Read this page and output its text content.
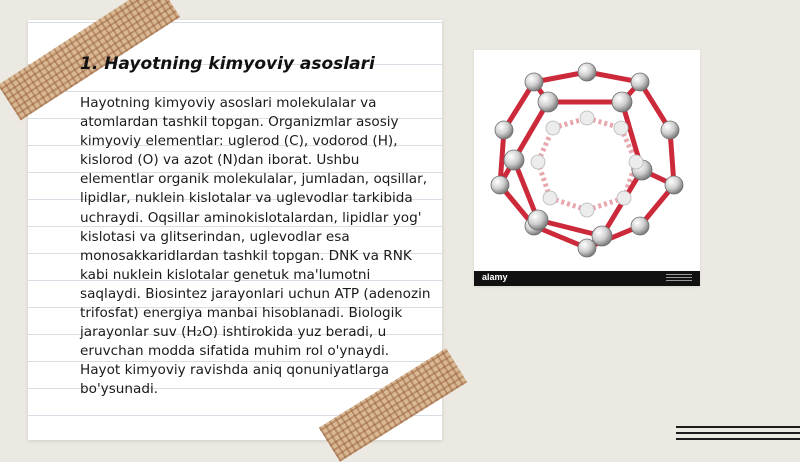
1. Hayotning kimyoviy asoslari

Hayotning kimyoviy asoslari molekulalar va atomlardan tashkil topgan. Organizmlar asosiy kimyoviy elementlar: uglerod (C), vodorod (H), kislorod (O) va azot (N)dan iborat. Ushbu elementlar organik molekulalar, jumladan, oqsillar, lipidlar, nuklein kislotalar va uglevodlar tarkibida uchraydi. Oqsillar aminokislotalardan, lipidlar yog' kislotasi va glitserindan, uglevodlar esa monosakkaridlardan tashkil topgan. DNK va RNK kabi nuklein kislotalar genetuk ma'lumotni saqlaydi. Biosintez jarayonlari uchun ATP (adenozin trifosfat) energiya manbai hisoblanadi. Biologik jarayonlar suv (H₂O) ishtirokida yuz beradi, u eruvchan modda sifatida muhim rol o'ynaydi. Hayot kimyoviy ravishda aniq qonuniyatlarga bo'ysunadi.

alamy
